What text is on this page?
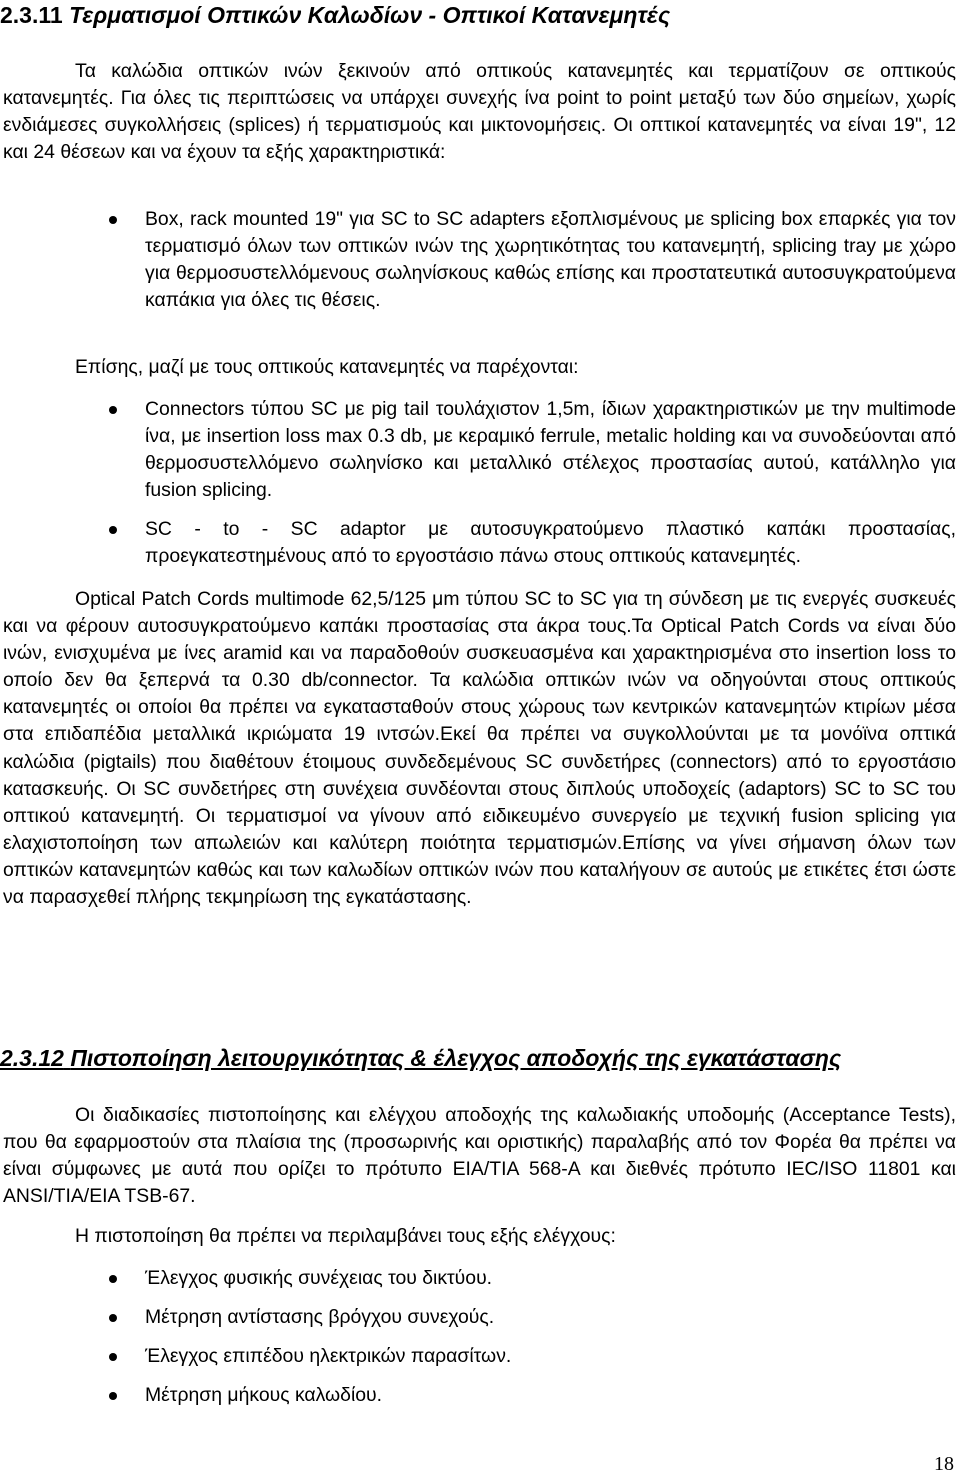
2.3.11 Τερματισμοί Οπτικών Καλωδίων - Οπτικοί Κατανεμητές

Τα καλώδια οπτικών ινών ξεκινούν από οπτικούς κατανεμητές και τερματίζουν σε οπτικούς κατανεμητές. Για όλες τις περιπτώσεις να υπάρχει συνεχής ίνα point to point μεταξύ των δύο σημείων, χωρίς ενδιάμεσες συγκολλήσεις (splices) ή τερματισμούς και μικτονομήσεις. Οι οπτικοί κατανεμητές να είναι 19", 12 και 24 θέσεων και να έχουν τα εξής χαρακτηριστικά:

Box, rack mounted 19" για SC to SC adapters εξοπλισμένους με splicing box επαρκές για τον τερματισμό όλων των οπτικών ινών της χωρητικότητας του κατανεμητή, splicing tray με χώρο για θερμοσυστελλόμενους σωληνίσκους καθώς επίσης και προστατευτικά αυτοσυγκρατούμενα καπάκια για όλες τις θέσεις.

Επίσης, μαζί με τους οπτικούς κατανεμητές να παρέχονται:

Connectors τύπου SC με pig tail τουλάχιστον 1,5m, ίδιων χαρακτηριστικών με την multimode ίνα, με insertion loss max 0.3 db, με κεραμικό ferrule, metalic holding και να συνοδεύονται από θερμοσυστελλόμενο σωληνίσκο και μεταλλικό στέλεχος προστασίας αυτού, κατάλληλο για fusion splicing.
SC - to - SC adaptor με αυτοσυγκρατούμενο πλαστικό καπάκι προστασίας, προεγκατεστημένους από το εργοστάσιο πάνω στους οπτικούς κατανεμητές.

Optical Patch Cords multimode 62,5/125 μm τύπου SC to SC για τη σύνδεση με τις ενεργές συσκευές και να φέρουν αυτοσυγκρατούμενο καπάκι προστασίας στα άκρα τους.Τα Optical Patch Cords να είναι δύο ινών, ενισχυμένα με ίνες aramid και να παραδοθούν συσκευασμένα και χαρακτηρισμένα στο insertion loss το οποίο δεν θα ξεπερνά τα 0.30 db/connector. Τα καλώδια οπτικών ινών να οδηγούνται στους οπτικούς κατανεμητές οι οποίοι θα πρέπει να εγκατασταθούν στους χώρους των κεντρικών κατανεμητών κτιρίων μέσα στα επιδαπέδια μεταλλικά ικριώματα 19 ιντσών.Εκεί θα πρέπει να συγκολλούνται με τα μονόϊνα οπτικά καλώδια (pigtails) που διαθέτουν έτοιμους συνδεδεμένους SC συνδετήρες (connectors) από το εργοστάσιο κατασκευής. Οι SC συνδετήρες στη συνέχεια συνδέονται στους διπλούς υποδοχείς (adaptors) SC to SC του οπτικού κατανεμητή. Οι τερματισμοί να γίνουν από ειδικευμένο συνεργείο με τεχνική fusion splicing για ελαχιστοποίηση των απωλειών και καλύτερη ποιότητα τερματισμών.Επίσης να γίνει σήμανση όλων των οπτικών κατανεμητών καθώς και των καλωδίων οπτικών ινών που καταλήγουν σε αυτούς με ετικέτες έτσι ώστε να παρασχεθεί πλήρης τεκμηρίωση της εγκατάστασης.

2.3.12 Πιστοποίηση λειτουργικότητας & έλεγχος αποδοχής της εγκατάστασης

Οι διαδικασίες πιστοποίησης και ελέγχου αποδοχής της καλωδιακής υποδομής (Acceptance Tests), που θα εφαρμοστούν στα πλαίσια της (προσωρινής και οριστικής) παραλαβής από τον Φορέα θα πρέπει να είναι σύμφωνες με αυτά που ορίζει το πρότυπο EIA/TIA 568-A και διεθνές πρότυπο IEC/ISO 11801 και ANSI/TIA/EIA TSB-67.

Η πιστοποίηση θα πρέπει να περιλαμβάνει τους εξής ελέγχους:

Έλεγχος φυσικής συνέχειας του δικτύου.
Μέτρηση αντίστασης βρόγχου συνεχούς.
Έλεγχος επιπέδου ηλεκτρικών παρασίτων.
Μέτρηση μήκους καλωδίου.
18
